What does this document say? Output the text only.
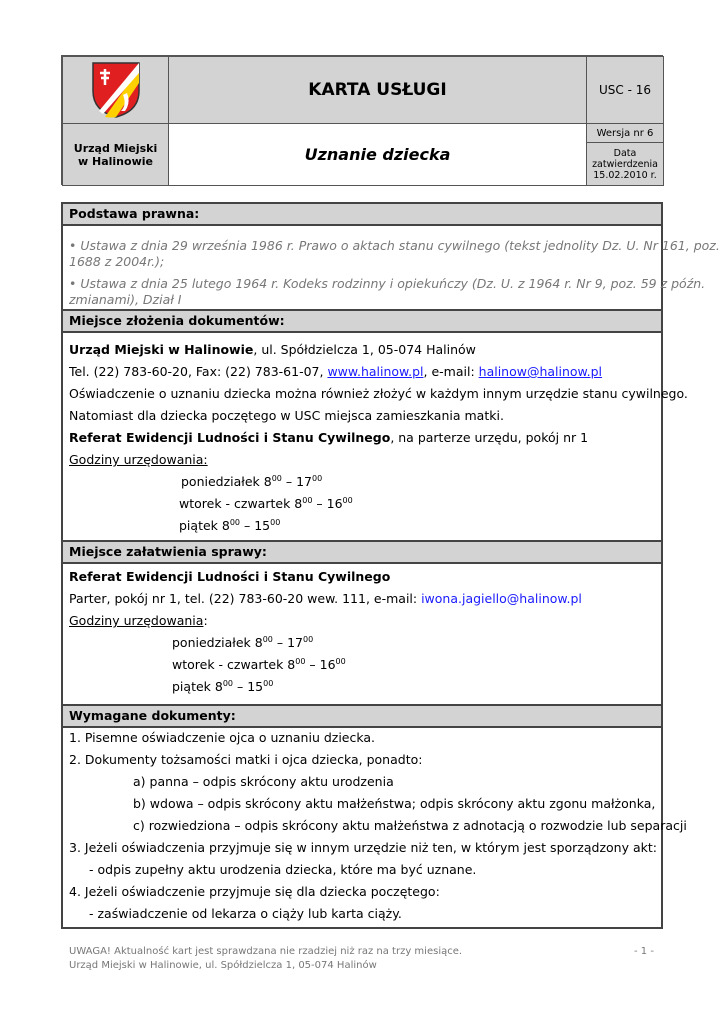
KARTA USŁUGI	USC - 16
Urząd Miejski w Halinowie	Uznanie dziecka
Wersja nr 6
Data zatwierdzenia
15.02.2010 r.
Podstawa prawna:
• Ustawa z dnia 29 września 1986 r. Prawo o aktach stanu cywilnego (tekst jednolity Dz. U. Nr 161, poz.
1688 z 2004r.);
• Ustawa z dnia 25 lutego 1964 r. Kodeks rodzinny i opiekuńczy (Dz. U. z 1964 r. Nr 9, poz. 59 z późn.
zmianami), Dział I
Miejsce złożenia dokumentów:
Urząd Miejski w Halinowie, ul. Spółdzielcza 1, 05-074 Halinów
Tel. (22) 783-60-20, Fax: (22) 783-61-07, www.halinow.pl, e-mail: halinow@halinow.pl
Oświadczenie o uznaniu dziecka można również złożyć w każdym innym urzędzie stanu cywilnego.
Natomiast dla dziecka poczętego w USC miejsca zamieszkania matki.
Referat Ewidencji Ludności i Stanu Cywilnego, na parterze urzędu, pokój nr 1
Godziny urzędowania:
poniedziałek $8^{00} - 17^{00}$
wtorek - czwartek $8^{00} - 16^{00}$
piątek $8^{00} - 15^{00}$
Miejsce załatwienia sprawy:
Referat Ewidencji Ludności i Stanu Cywilnego
Parter, pokój nr 1, tel. (22) 783-60-20 wew. 111, e-mail: iwona.jagiello@halinow.pl
Godziny urzędowania:
poniedziałek $8^{00} - 17^{00}$
wtorek - czwartek $8^{00} - 16^{00}$
piątek $8^{00} - 15^{00}$
Wymagane dokumenty:
1. Pisemne oświadczenie ojca o uznaniu dziecka.
2. Dokumenty tożsamości matki i ojca dziecka, ponadto:
a) panna – odpis skrócony aktu urodzenia
b) wdowa – odpis skrócony aktu małżeństwa; odpis skrócony aktu zgonu małżonka,
c) rozwiedziona – odpis skrócony aktu małżeństwa z adnotacją o rozwodzie lub separacji
3. Jeżeli oświadczenia przyjmuje się w innym urzędzie niż ten, w którym jest sporządzony akt:
- odpis zupełny aktu urodzenia dziecka, które ma być uznane.
4. Jeżeli oświadczenie przyjmuje się dla dziecka poczętego:
- zaświadczenie od lekarza o ciąży lub karta ciąży.
UWAGA! Aktualność kart jest sprawdzana nie rzadziej niż raz na trzy miesiące.
Urząd Miejski w Halinowie, ul. Spółdzielcza 1, 05-074 Halinów
- 1 -
